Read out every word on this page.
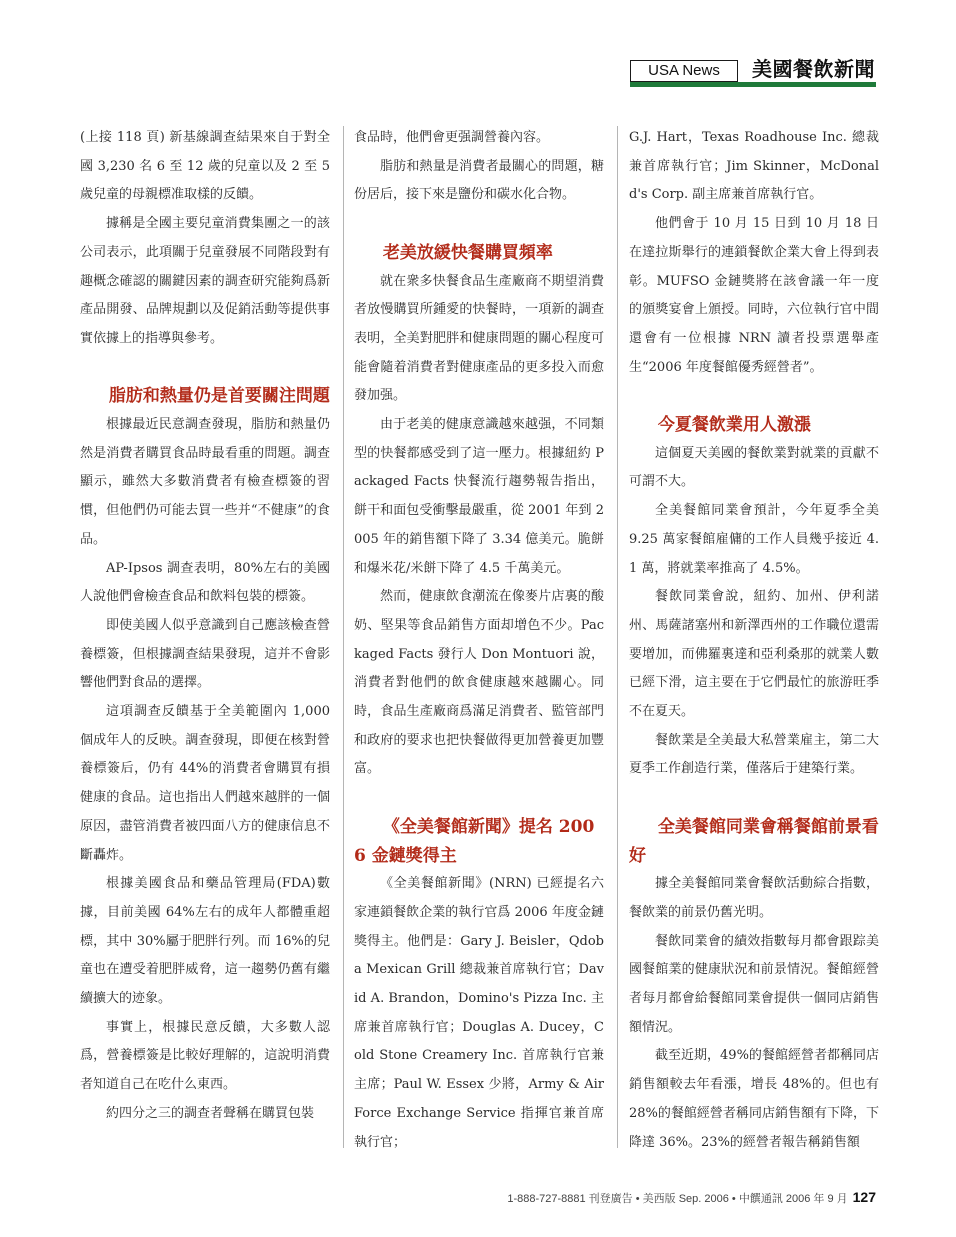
USA News	美國餐飲新聞

(上接 118 頁) 新基線調查結果來自于對全國 3,230 名 6 至 12 歲的兒童以及 2 至 5 歲兒童的母親標准取樣的反饋。

據稱是全國主要兒童消費集團之一的該公司表示，此項關于兒童發展不同階段對有趣概念確認的關鍵因素的調查研究能夠爲新產品開發、品牌規劃以及促銷活動等提供事實依據上的指導與參考。

脂肪和熱量仍是首要關注問題

根據最近民意調查發現，脂肪和熱量仍然是消費者購買食品時最看重的問題。調查顯示，雖然大多數消費者有檢查標簽的習慣，但他們仍可能去買一些并“不健康”的食品。

AP-Ipsos 調查表明，80%左右的美國人說他們會檢查食品和飲料包裝的標簽。

即使美國人似乎意識到自己應該檢查營養標簽，但根據調查結果發現，這并不會影響他們對食品的選擇。

這項調查反饋基于全美範圍內 1,000 個成年人的反映。調查發現，即便在核對營養標簽后，仍有 44%的消費者會購買有損健康的食品。這也指出人們越來越胖的一個原因，盡管消費者被四面八方的健康信息不斷轟炸。

根據美國食品和藥品管理局(FDA)數據，目前美國 64%左右的成年人都體重超標，其中 30%屬于肥胖行列。而 16%的兒童也在遭受着肥胖威脅，這一趨勢仍舊有繼續擴大的迹象。

事實上，根據民意反饋，大多數人認爲，營養標簽是比較好理解的，這說明消費者知道自己在吃什么東西。

約四分之三的調查者聲稱在購買包裝

食品時，他們會更强調營養內容。

脂肪和熱量是消費者最關心的問題，糖份居后，接下來是鹽份和碳水化合物。

老美放緩快餐購買頻率

就在衆多快餐食品生產廠商不期望消費者放慢購買所鍾愛的快餐時，一項新的調查表明，全美對肥胖和健康問題的關心程度可能會隨着消費者對健康產品的更多投入而愈發加强。

由于老美的健康意識越來越强，不同類型的快餐都感受到了這一壓力。根據紐約 Packaged Facts 快餐流行趨勢報告指出，餅干和面包受衝擊最嚴重，從 2001 年到 2005 年的銷售額下降了 3.34 億美元。脆餅和爆米花/米餅下降了 4.5 千萬美元。

然而，健康飲食潮流在像麥片店裏的酸奶、堅果等食品銷售方面却增色不少。Packaged Facts 發行人 Don Montuori 說，消費者對他們的飲食健康越來越關心。同時，食品生產廠商爲滿足消費者、監管部門和政府的要求也把快餐做得更加營養更加豐富。

《全美餐館新聞》提名 2006 金鏈獎得主

《全美餐館新聞》(NRN) 已經提名六家連鎖餐飲企業的執行官爲 2006 年度金鏈獎得主。他們是：Gary J. Beisler，Qdoba Mexican Grill 總裁兼首席執行官；David A. Brandon，Domino's Pizza Inc. 主席兼首席執行官；Douglas A. Ducey，Cold Stone Creamery Inc. 首席執行官兼主席；Paul W. Essex 少將，Army & Air Force Exchange Service 指揮官兼首席執行官；

G.J. Hart，Texas Roadhouse Inc. 總裁兼首席執行官；Jim Skinner，McDonald's Corp. 副主席兼首席執行官。

他們會于 10 月 15 日到 10 月 18 日在達拉斯舉行的連鎖餐飲企業大會上得到表彰。MUFSO 金鏈獎將在該會議一年一度的頒獎宴會上頒授。同時，六位執行官中間還會有一位根據 NRN 讀者投票選舉產生“2006 年度餐館優秀經營者”。

今夏餐飲業用人激漲

這個夏天美國的餐飲業對就業的貢獻不可謂不大。

全美餐館同業會預計，今年夏季全美 9.25 萬家餐館雇傭的工作人員幾乎接近 4.1 萬，將就業率推高了 4.5%。

餐飲同業會說，紐約、加州、伊利諾州、馬薩諸塞州和新澤西州的工作職位還需要增加，而佛羅裏達和亞利桑那的就業人數已經下滑，這主要在于它們最忙的旅游旺季不在夏天。

餐飲業是全美最大私營業雇主，第二大夏季工作創造行業，僅落后于建築行業。

全美餐館同業會稱餐館前景看好

據全美餐館同業會餐飲活動綜合指數，餐飲業的前景仍舊光明。

餐飲同業會的績效指數每月都會跟踪美國餐館業的健康狀況和前景情況。餐館經營者每月都會給餐館同業會提供一個同店銷售額情況。

截至近期，49%的餐館經營者都稱同店銷售額較去年看漲，增長 48%的。但也有 28%的餐館經營者稱同店銷售額有下降，下降達 36%。23%的經營者報告稱銷售額

1-888-727-8881 刊登廣告 • 美西版 Sep. 2006 • 中饌通訊 2006 年 9 月 127
